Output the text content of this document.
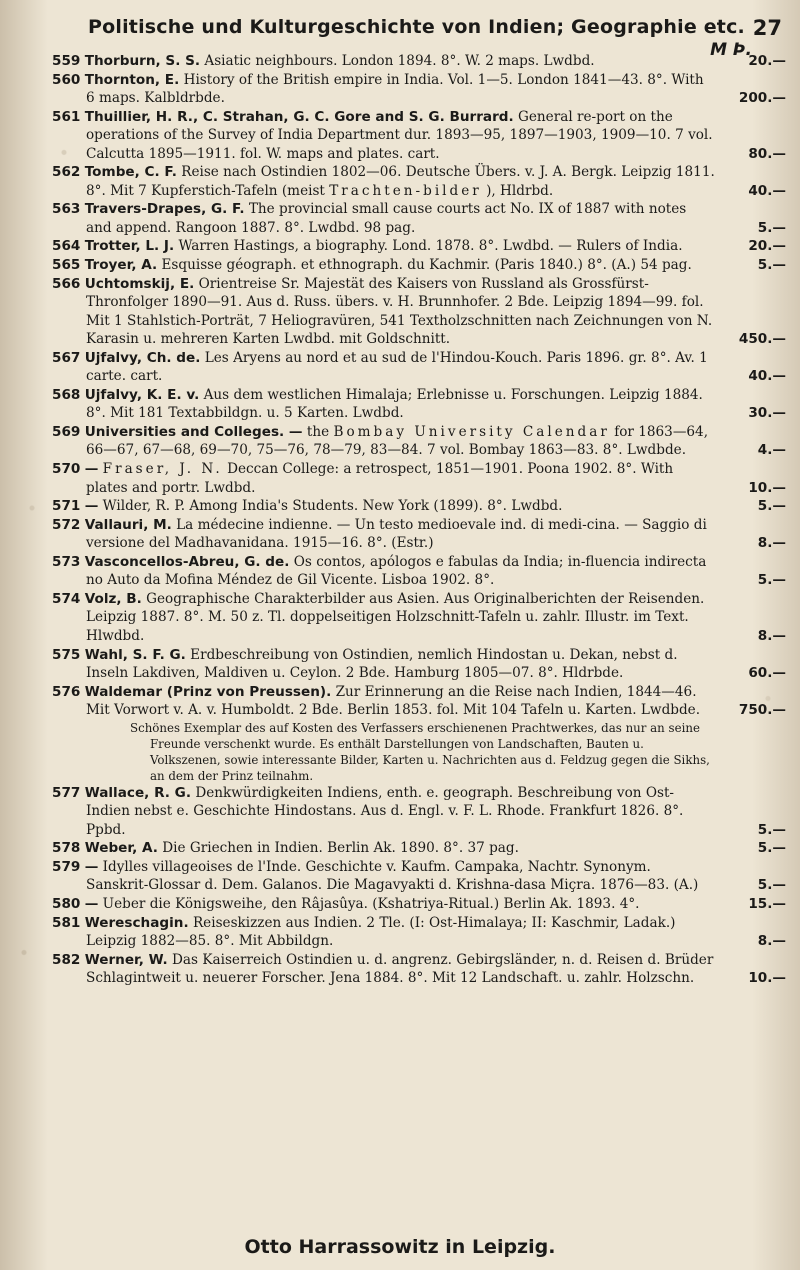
Politische und Kulturgeschichte von Indien; Geographie etc. 27
M Þ.
559 Thorburn, S. S. Asiatic neighbours. London 1894. 8°. W. 2 maps. Lwdbd.	20.—
560 Thornton, E. History of the British empire in India. Vol. 1—5. London 1841—43. 8°. With 6 maps. Kalbldrbde.	200.—
561 Thuillier, H. R., C. Strahan, G. C. Gore and S. G. Burrard. General re-port on the operations of the Survey of India Department dur. 1893—95, 1897—1903, 1909—10. 7 vol. Calcutta 1895—1911. fol. W. maps and plates. cart.	80.—
562 Tombe, C. F. Reise nach Ostindien 1802—06. Deutsche Übers. v. J. A. Bergk. Leipzig 1811. 8°. Mit 7 Kupferstich-Tafeln (meist Trachten-bilder ), Hldrbd.	40.—
563 Travers-Drapes, G. F. The provincial small cause courts act No. IX of 1887 with notes and append. Rangoon 1887. 8°. Lwdbd. 98 pag.	5.—
564 Trotter, L. J. Warren Hastings, a biography. Lond. 1878. 8°. Lwdbd. — Rulers of India.	20.—
565 Troyer, A. Esquisse géograph. et ethnograph. du Kachmir. (Paris 1840.) 8°. (A.) 54 pag.	5.—
566 Uchtomskij, E. Orientreise Sr. Majestät des Kaisers von Russland als Grossfürst-Thronfolger 1890—91. Aus d. Russ. übers. v. H. Brunnhofer. 2 Bde. Leipzig 1894—99. fol. Mit 1 Stahlstich-Porträt, 7 Heliogravüren, 541 Textholzschnitten nach Zeichnungen von N. Karasin u. mehreren Karten Lwdbd. mit Goldschnitt.	450.—
567 Ujfalvy, Ch. de. Les Aryens au nord et au sud de l'Hindou-Kouch. Paris 1896. gr. 8°. Av. 1 carte. cart.	40.—
568 Ujfalvy, K. E. v. Aus dem westlichen Himalaja; Erlebnisse u. Forschungen. Leipzig 1884. 8°. Mit 181 Textabbildgn. u. 5 Karten. Lwdbd.	30.—
569 Universities and Colleges. — the Bombay University Calendar for 1863—64, 66—67, 67—68, 69—70, 75—76, 78—79, 83—84. 7 vol. Bombay 1863—83. 8°. Lwdbde.	4.—
570 — Fraser, J. N. Deccan College: a retrospect, 1851—1901. Poona 1902. 8°. With plates and portr. Lwdbd.	10.—
571 — Wilder, R. P. Among India's Students. New York (1899). 8°. Lwdbd.	5.—
572 Vallauri, M. La médecine indienne. — Un testo medioevale ind. di medi-cina. — Saggio di versione del Madhavanidana. 1915—16. 8°. (Estr.)	8.—
573 Vasconcellos-Abreu, G. de. Os contos, apólogos e fabulas da India; in-fluencia indirecta no Auto da Mofina Méndez de Gil Vicente. Lisboa 1902. 8°.	5.—
574 Volz, B. Geographische Charakterbilder aus Asien. Aus Originalberichten der Reisenden. Leipzig 1887. 8°. M. 50 z. Tl. doppelseitigen Holzschnitt-Tafeln u. zahlr. Illustr. im Text. Hlwdbd.	8.—
575 Wahl, S. F. G. Erdbeschreibung von Ostindien, nemlich Hindostan u. Dekan, nebst d. Inseln Lakdiven, Maldiven u. Ceylon. 2 Bde. Hamburg 1805—07. 8°. Hldrbde.	60.—
576 Waldemar (Prinz von Preussen). Zur Erinnerung an die Reise nach Indien, 1844—46. Mit Vorwort v. A. v. Humboldt. 2 Bde. Berlin 1853. fol. Mit 104 Tafeln u. Karten. Lwdbde.	750.—
Schönes Exemplar des auf Kosten des Verfassers erschienenen Prachtwerkes, das nur an seine Freunde verschenkt wurde. Es enthält Darstellungen von Landschaften, Bauten u. Volkszenen, sowie interessante Bilder, Karten u. Nachrichten aus d. Feldzug gegen die Sikhs, an dem der Prinz teilnahm.
577 Wallace, R. G. Denkwürdigkeiten Indiens, enth. e. geograph. Beschreibung von Ost-Indien nebst e. Geschichte Hindostans. Aus d. Engl. v. F. L. Rhode. Frankfurt 1826. 8°. Ppbd.	5.—
578 Weber, A. Die Griechen in Indien. Berlin Ak. 1890. 8°. 37 pag.	5.—
579 — Idylles villageoises de l'Inde. Geschichte v. Kaufm. Campaka, Nachtr. Synonym. Sanskrit-Glossar d. Dem. Galanos. Die Magavyakti d. Krishna-dasa Miçra. 1876—83. (A.)	5.—
580 — Ueber die Königsweihe, den Râjasûya. (Kshatriya-Ritual.) Berlin Ak. 1893. 4°.	15.—
581 Wereschagin. Reiseskizzen aus Indien. 2 Tle. (I: Ost-Himalaya; II: Kaschmir, Ladak.) Leipzig 1882—85. 8°. Mit Abbildgn.	8.—
582 Werner, W. Das Kaiserreich Ostindien u. d. angrenz. Gebirgsländer, n. d. Reisen d. Brüder Schlagintweit u. neuerer Forscher. Jena 1884. 8°. Mit 12 Landschaft. u. zahlr. Holzschn.	10.—
Otto Harrassowitz in Leipzig.
